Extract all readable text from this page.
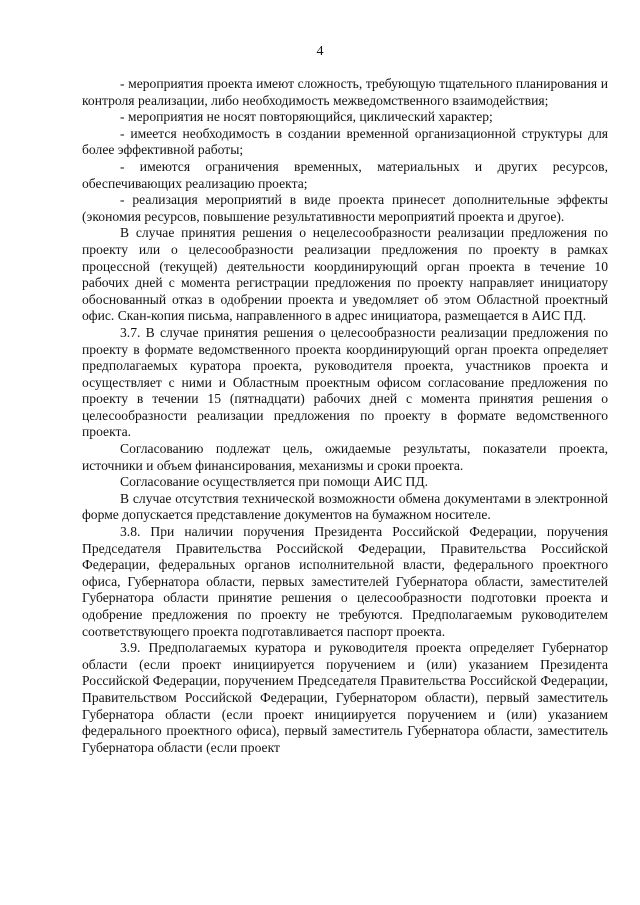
4

- мероприятия проекта имеют сложность, требующую тщательного планирования и контроля реализации, либо необходимость межведомственного взаимодействия;

- мероприятия не носят повторяющийся, циклический характер;

- имеется необходимость в создании временной организационной структуры для более эффективной работы;

- имеются ограничения временных, материальных и других ресурсов, обеспечивающих реализацию проекта;

- реализация мероприятий в виде проекта принесет дополнительные эффекты (экономия ресурсов, повышение результативности мероприятий проекта и другое).

В случае принятия решения о нецелесообразности реализации предложения по проекту или о целесообразности реализации предложения по проекту в рамках процессной (текущей) деятельности координирующий орган проекта в течение 10 рабочих дней с момента регистрации предложения по проекту направляет инициатору обоснованный отказ в одобрении проекта и уведомляет об этом Областной проектный офис. Скан-копия письма, направленного в адрес инициатора, размещается в АИС ПД.

3.7. В случае принятия решения о целесообразности реализации предложения по проекту в формате ведомственного проекта координирующий орган проекта определяет предполагаемых куратора проекта, руководителя проекта, участников проекта и осуществляет с ними и Областным проектным офисом согласование предложения по проекту в течении 15 (пятнадцати) рабочих дней с момента принятия решения о целесообразности реализации предложения по проекту в формате ведомственного проекта.

Согласованию подлежат цель, ожидаемые результаты, показатели проекта, источники и объем финансирования, механизмы и сроки проекта.

Согласование осуществляется при помощи АИС ПД.

В случае отсутствия технической возможности обмена документами в электронной форме допускается представление документов на бумажном носителе.

3.8. При наличии поручения Президента Российской Федерации, поручения Председателя Правительства Российской Федерации, Правительства Российской Федерации, федеральных органов исполнительной власти, федерального проектного офиса, Губернатора области, первых заместителей Губернатора области, заместителей Губернатора области принятие решения о целесообразности подготовки проекта и одобрение предложения по проекту не требуются. Предполагаемым руководителем соответствующего проекта подготавливается паспорт проекта.

3.9. Предполагаемых куратора и руководителя проекта определяет Губернатор области (если проект инициируется поручением и (или) указанием Президента Российской Федерации, поручением Председателя Правительства Российской Федерации, Правительством Российской Федерации, Губернатором области), первый заместитель Губернатора области (если проект инициируется поручением и (или) указанием федерального проектного офиса), первый заместитель Губернатора области, заместитель Губернатора области (если проект
